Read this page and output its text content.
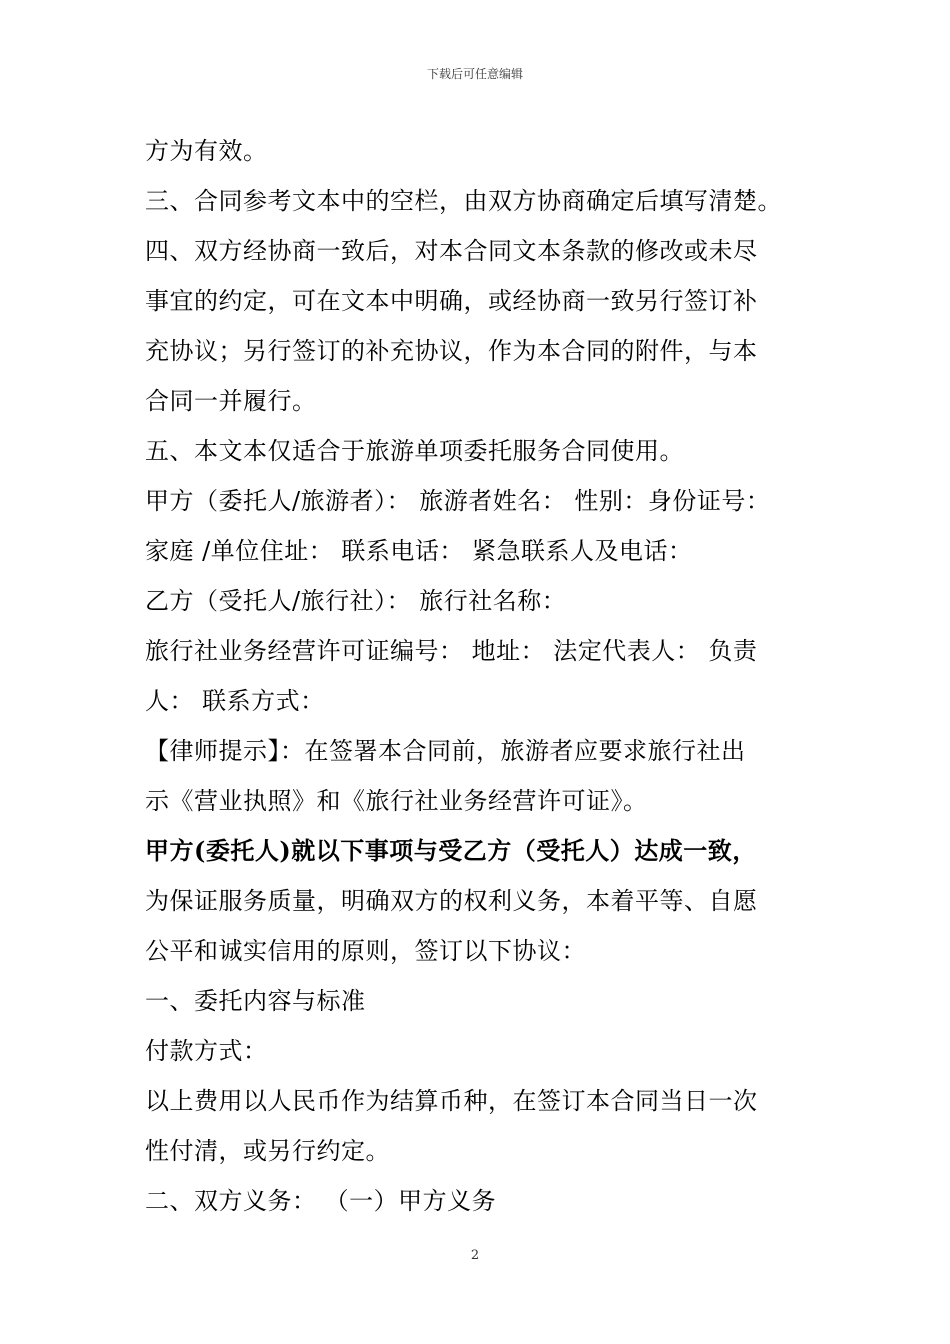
下载后可任意编辑
方为有效。
三、合同参考文本中的空栏，由双方协商确定后填写清楚。
四、双方经协商一致后，对本合同文本条款的修改或未尽
事宜的约定，可在文本中明确，或经协商一致另行签订补
充协议；另行签订的补充协议，作为本合同的附件，与本
合同一并履行。
五、本文本仅适合于旅游单项委托服务合同使用。
甲方（委托人/旅游者）： 旅游者姓名： 性别：身份证号：
家庭 /单位住址： 联系电话： 紧急联系人及电话：
乙方（受托人/旅行社）： 旅行社名称：
旅行社业务经营许可证编号： 地址： 法定代表人： 负责
人： 联系方式：
【律师提示】：在签署本合同前，旅游者应要求旅行社出
示《营业执照》和《旅行社业务经营许可证》。
甲方(委托人)就以下事项与受乙方（受托人）达成一致，
为保证服务质量，明确双方的权利义务，本着平等、自愿
公平和诚实信用的原则，签订以下协议：
一、委托内容与标准
付款方式：
以上费用以人民币作为结算币种，在签订本合同当日一次
性付清，或另行约定。
二、双方义务： （一）甲方义务
2
